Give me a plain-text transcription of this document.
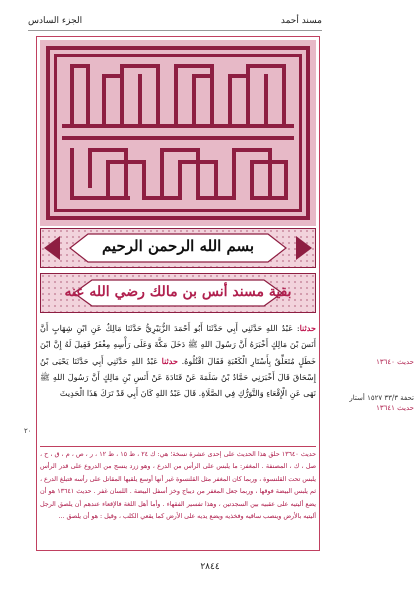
مسند أحمد
الجزء السادس
بسم الله الرحمن الرحيم
بقية مسند أنس بن مالك رضي الله عنه

حدثنا: عَبْدُ اللهِ حَدَّثَنِي أَبِي حَدَّثَنَا أَبُو أَحْمَدَ الزُّبَيْرِيُّ حَدَّثَنَا مَالِكٌ عَنِ ابْنِ شِهَابٍ أَنَّ أَنَسَ بْنَ مَالِكٍ أَخْبَرَهُ أَنَّ رَسُولَ اللهِ ﷺ دَخَلَ مَكَّةَ وَعَلَى رَأْسِهِ مِغْفَرٌ فَقِيلَ لَهُ إِنَّ ابْنَ خَطَلٍ مُتَعَلِّقٌ بِأَسْتَارِ الْكَعْبَةِ فَقَالَ اقْتُلُوهُ. حدثنا عَبْدُ اللهِ حَدَّثَنِي أَبِي حَدَّثَنَا يَحْيَى بْنُ إِسْحَاقَ قَالَ أَخْبَرَنِي حَمَّادُ بْنُ سَلَمَةَ عَنْ قَتَادَةَ عَنْ أَنَسِ بْنِ مَالِكٍ أَنَّ رَسُولَ اللهِ ﷺ نَهَى عَنِ الْإِقْعَاءِ وَالتَّوَرُّكِ فِي الصَّلَاةِ. قَالَ عَبْدُ اللهِ كَانَ أَبِي قَدْ تَرَكَ هَذَا الْحَدِيثَ

حديث ١٣٦٤٠
تحفة ٣٣/٣ ١٥٢٧ أستار
حديث ١٣٦٤١
٢٠

حديث ١٣٦٤٠ حلق هذا الحديث على إحدى عشرة نسخة؛ هي: ك ٢٤ ، ظ ١٥ ، ظ ١٢ ، ر ، ص ، م ، ق ، ح ، صل ، ك ، المصنفة . المغفر: ما يلبس على الرأس من الدرع ، وهو زرد ينسج من الدروع على قدر الرأس يلبس تحت القلنسوة ، وربما كان المغفر مثل القلنسوة غير أنها أوسع يلقيها المقاتل على رأسه فتبلغ الدرع ، ثم يلبس البيضة فوقها ، وربما جعل المغفر من ديباج وخز أسفل البيضة . اللسان غفر . حديث ١٣٦٤١ هو أن يضع أليتيه على عقبيه بين السجدتين ، وهذا تفسير الفقهاء . وأما أهل اللغة فالإقعاء عندهم أن يلصق الرجل أليتيه بالأرض وينصب ساقيه وفخذيه ويضع يديه على الأرض كما يقعي الكلب ، وقيل : هو أن يلصق ...

٢٨٤٤
